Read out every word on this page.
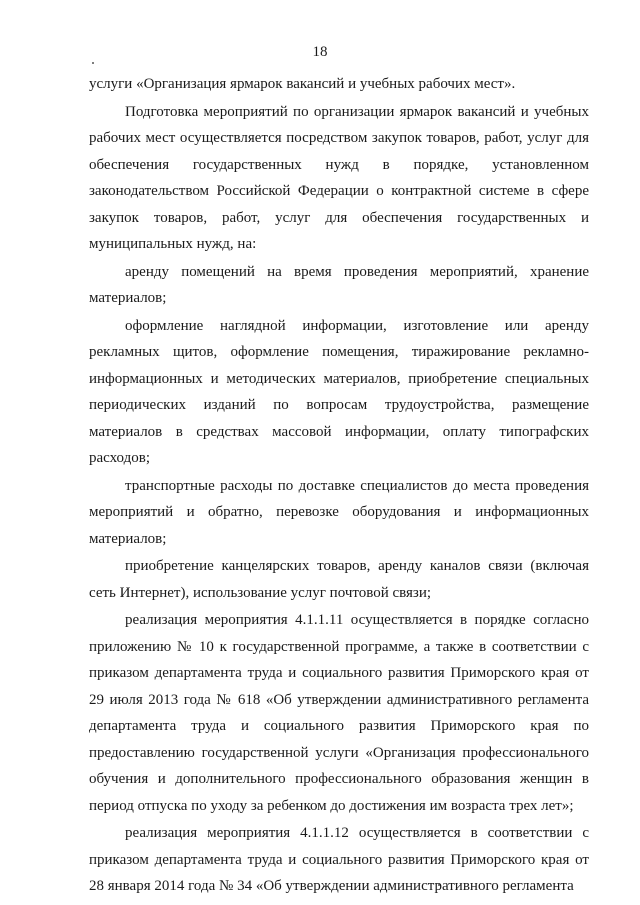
18

услуги «Организация ярмарок вакансий и учебных рабочих мест».

Подготовка мероприятий по организации ярмарок вакансий и учебных рабочих мест осуществляется посредством закупок товаров, работ, услуг для обеспечения государственных нужд в порядке, установленном законодательством Российской Федерации о контрактной системе в сфере закупок товаров, работ, услуг для обеспечения государственных и муниципальных нужд, на:

аренду помещений на время проведения мероприятий, хранение материалов;

оформление наглядной информации, изготовление или аренду рекламных щитов, оформление помещения, тиражирование рекламно-информационных и методических материалов, приобретение специальных периодических изданий по вопросам трудоустройства, размещение материалов в средствах массовой информации, оплату типографских расходов;

транспортные расходы по доставке специалистов до места проведения мероприятий и обратно, перевозке оборудования и информационных материалов;

приобретение канцелярских товаров, аренду каналов связи (включая сеть Интернет), использование услуг почтовой связи;

реализация мероприятия 4.1.1.11 осуществляется в порядке согласно приложению № 10 к государственной программе, а также в соответствии с приказом департамента труда и социального развития Приморского края от 29 июля 2013 года № 618 «Об утверждении административного регламента департамента труда и социального развития Приморского края по предоставлению государственной услуги «Организация профессионального обучения и дополнительного профессионального образования женщин в период отпуска по уходу за ребенком до достижения им возраста трех лет»;

реализация мероприятия 4.1.1.12 осуществляется в соответствии с приказом департамента труда и социального развития Приморского края от 28 января 2014 года № 34 «Об утверждении административного регламента
